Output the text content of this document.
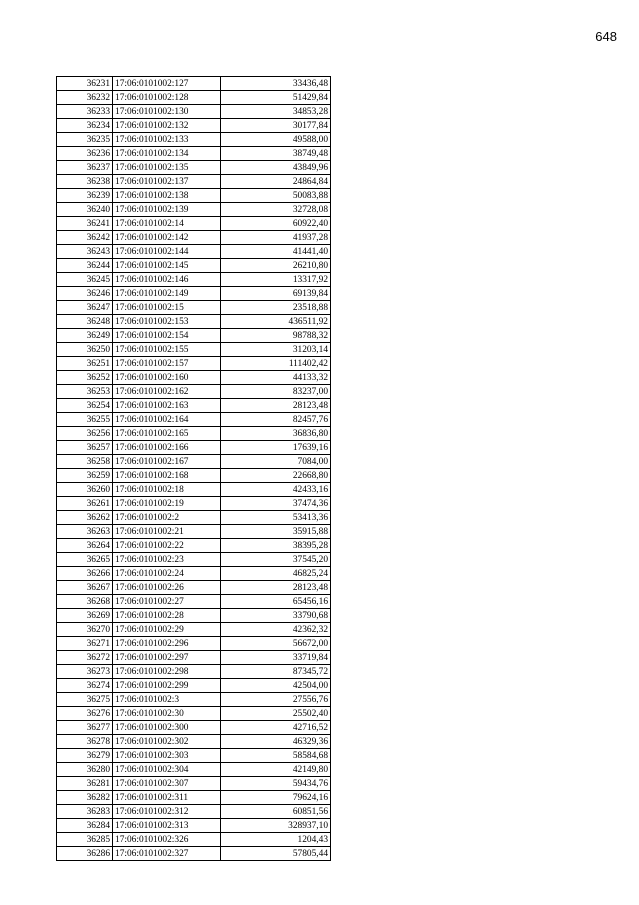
648
36231	17:06:0101002:127	33436,48
36232	17:06:0101002:128	51429,84
36233	17:06:0101002:130	34853,28
36234	17:06:0101002:132	30177,84
36235	17:06:0101002:133	49588,00
36236	17:06:0101002:134	38749,48
36237	17:06:0101002:135	43849,96
36238	17:06:0101002:137	24864,84
36239	17:06:0101002:138	50083,88
36240	17:06:0101002:139	32728,08
36241	17:06:0101002:14	60922,40
36242	17:06:0101002:142	41937,28
36243	17:06:0101002:144	41441,40
36244	17:06:0101002:145	26210,80
36245	17:06:0101002:146	13317,92
36246	17:06:0101002:149	69139,84
36247	17:06:0101002:15	23518,88
36248	17:06:0101002:153	436511,92
36249	17:06:0101002:154	98788,32
36250	17:06:0101002:155	31203,14
36251	17:06:0101002:157	111402,42
36252	17:06:0101002:160	44133,32
36253	17:06:0101002:162	83237,00
36254	17:06:0101002:163	28123,48
36255	17:06:0101002:164	82457,76
36256	17:06:0101002:165	36836,80
36257	17:06:0101002:166	17639,16
36258	17:06:0101002:167	7084,00
36259	17:06:0101002:168	22668,80
36260	17:06:0101002:18	42433,16
36261	17:06:0101002:19	37474,36
36262	17:06:0101002:2	53413,36
36263	17:06:0101002:21	35915,88
36264	17:06:0101002:22	38395,28
36265	17:06:0101002:23	37545,20
36266	17:06:0101002:24	46825,24
36267	17:06:0101002:26	28123,48
36268	17:06:0101002:27	65456,16
36269	17:06:0101002:28	33790,68
36270	17:06:0101002:29	42362,32
36271	17:06:0101002:296	56672,00
36272	17:06:0101002:297	33719,84
36273	17:06:0101002:298	87345,72
36274	17:06:0101002:299	42504,00
36275	17:06:0101002:3	27556,76
36276	17:06:0101002:30	25502,40
36277	17:06:0101002:300	42716,52
36278	17:06:0101002:302	46329,36
36279	17:06:0101002:303	58584,68
36280	17:06:0101002:304	42149,80
36281	17:06:0101002:307	59434,76
36282	17:06:0101002:311	79624,16
36283	17:06:0101002:312	60851,56
36284	17:06:0101002:313	328937,10
36285	17:06:0101002:326	1204,43
36286	17:06:0101002:327	57805,44
